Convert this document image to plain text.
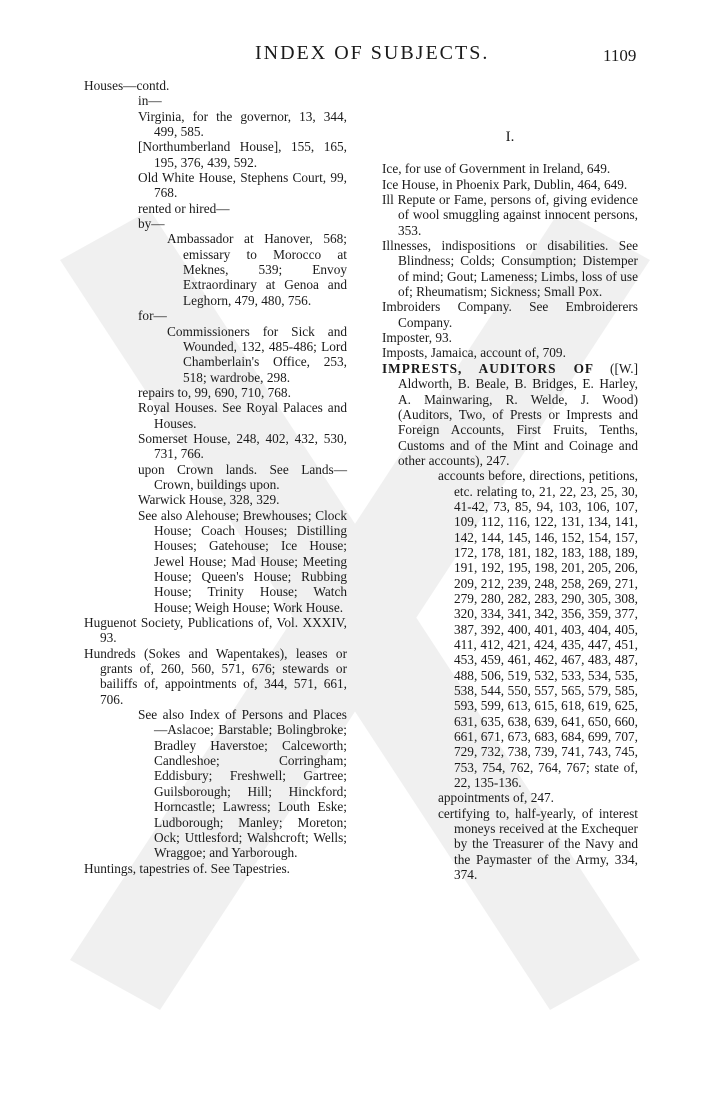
INDEX OF SUBJECTS.	1109
Houses—contd.
in—
Virginia, for the governor, 13, 344, 499, 585.
[Northumberland House], 155, 165, 195, 376, 439, 592.
Old White House, Stephens Court, 99, 768.
rented or hired—
by—
Ambassador at Hanover, 568; emissary to Morocco at Meknes, 539; Envoy Extraordinary at Genoa and Leghorn, 479, 480, 756.
for—
Commissioners for Sick and Wounded, 132, 485-486; Lord Chamberlain's Office, 253, 518; wardrobe, 298.
repairs to, 99, 690, 710, 768.
Royal Houses. See Royal Palaces and Houses.
Somerset House, 248, 402, 432, 530, 731, 766.
upon Crown lands. See Lands—Crown, buildings upon.
Warwick House, 328, 329.
See also Alehouse; Brewhouses; Clock House; Coach Houses; Distilling Houses; Gatehouse; Ice House; Jewel House; Mad House; Meeting House; Queen's House; Rubbing House; Trinity House; Watch House; Weigh House; Work House.
Huguenot Society, Publications of, Vol. XXXIV, 93.
Hundreds (Sokes and Wapentakes), leases or grants of, 260, 560, 571, 676; stewards or bailiffs of, appointments of, 344, 571, 661, 706.
See also Index of Persons and Places—Aslacoe; Barstable; Bolingbroke; Bradley Haverstoe; Calceworth; Candleshoe; Corringham; Eddisbury; Freshwell; Gartree; Guilsborough; Hill; Hinckford; Horncastle; Lawress; Louth Eske; Ludborough; Manley; Moreton; Ock; Uttlesford; Walshcroft; Wells; Wraggoe; and Yarborough.
Huntings, tapestries of. See Tapestries.
I.
Ice, for use of Government in Ireland, 649.
Ice House, in Phoenix Park, Dublin, 464, 649.
Ill Repute or Fame, persons of, giving evidence of wool smuggling against innocent persons, 353.
Illnesses, indispositions or disabilities. See Blindness; Colds; Consumption; Distemper of mind; Gout; Lameness; Limbs, loss of use of; Rheumatism; Sickness; Small Pox.
Imbroiders Company. See Embroiderers Company.
Imposter, 93.
Imposts, Jamaica, account of, 709.
IMPRESTS, AUDITORS OF ([W.] Aldworth, B. Beale, B. Bridges, E. Harley, A. Mainwaring, R. Welde, J. Wood) (Auditors, Two, of Prests or Imprests and Foreign Accounts, First Fruits, Tenths, Customs and of the Mint and Coinage and other accounts), 247.
accounts before, directions, petitions, etc. relating to, 21, 22, 23, 25, 30, 41-42, 73, 85, 94, 103, 106, 107, 109, 112, 116, 122, 131, 134, 141, 142, 144, 145, 146, 152, 154, 157, 172, 178, 181, 182, 183, 188, 189, 191, 192, 195, 198, 201, 205, 206, 209, 212, 239, 248, 258, 269, 271, 279, 280, 282, 283, 290, 305, 308, 320, 334, 341, 342, 356, 359, 377, 387, 392, 400, 401, 403, 404, 405, 411, 412, 421, 424, 435, 447, 451, 453, 459, 461, 462, 467, 483, 487, 488, 506, 519, 532, 533, 534, 535, 538, 544, 550, 557, 565, 579, 585, 593, 599, 613, 615, 618, 619, 625, 631, 635, 638, 639, 641, 650, 660, 661, 671, 673, 683, 684, 699, 707, 729, 732, 738, 739, 741, 743, 745, 753, 754, 762, 764, 767; state of, 22, 135-136.
appointments of, 247.
certifying to, half-yearly, of interest moneys received at the Exchequer by the Treasurer of the Navy and the Paymaster of the Army, 334, 374.
